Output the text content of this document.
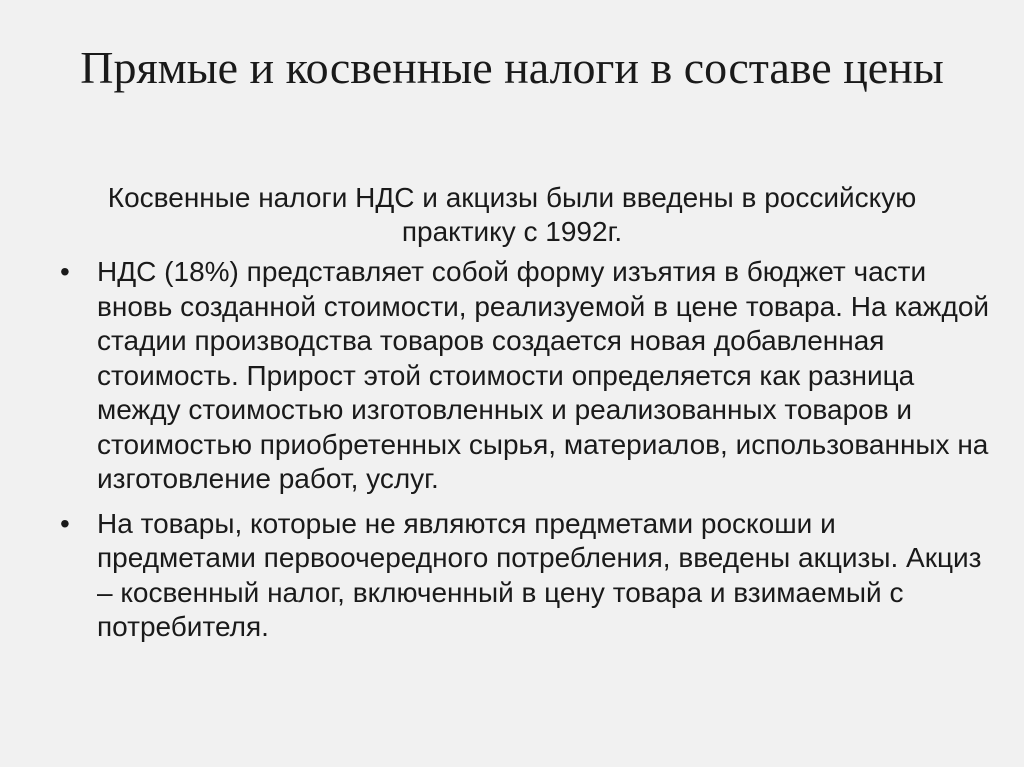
Прямые и косвенные налоги в составе цены

Косвенные налоги НДС и акцизы были введены в российскую практику с 1992г.

• НДС (18%) представляет собой форму изъятия в бюджет части вновь созданной стоимости, реализуемой в цене товара. На каждой стадии производства товаров создается новая добавленная стоимость. Прирост этой стоимости определяется как разница между стоимостью изготовленных и реализованных товаров и стоимостью приобретенных сырья, материалов, использованных на изготовление работ, услуг.
• На товары, которые не являются предметами роскоши и предметами первоочередного потребления, введены акцизы. Акциз – косвенный налог, включенный в цену товара и взимаемый с потребителя.
